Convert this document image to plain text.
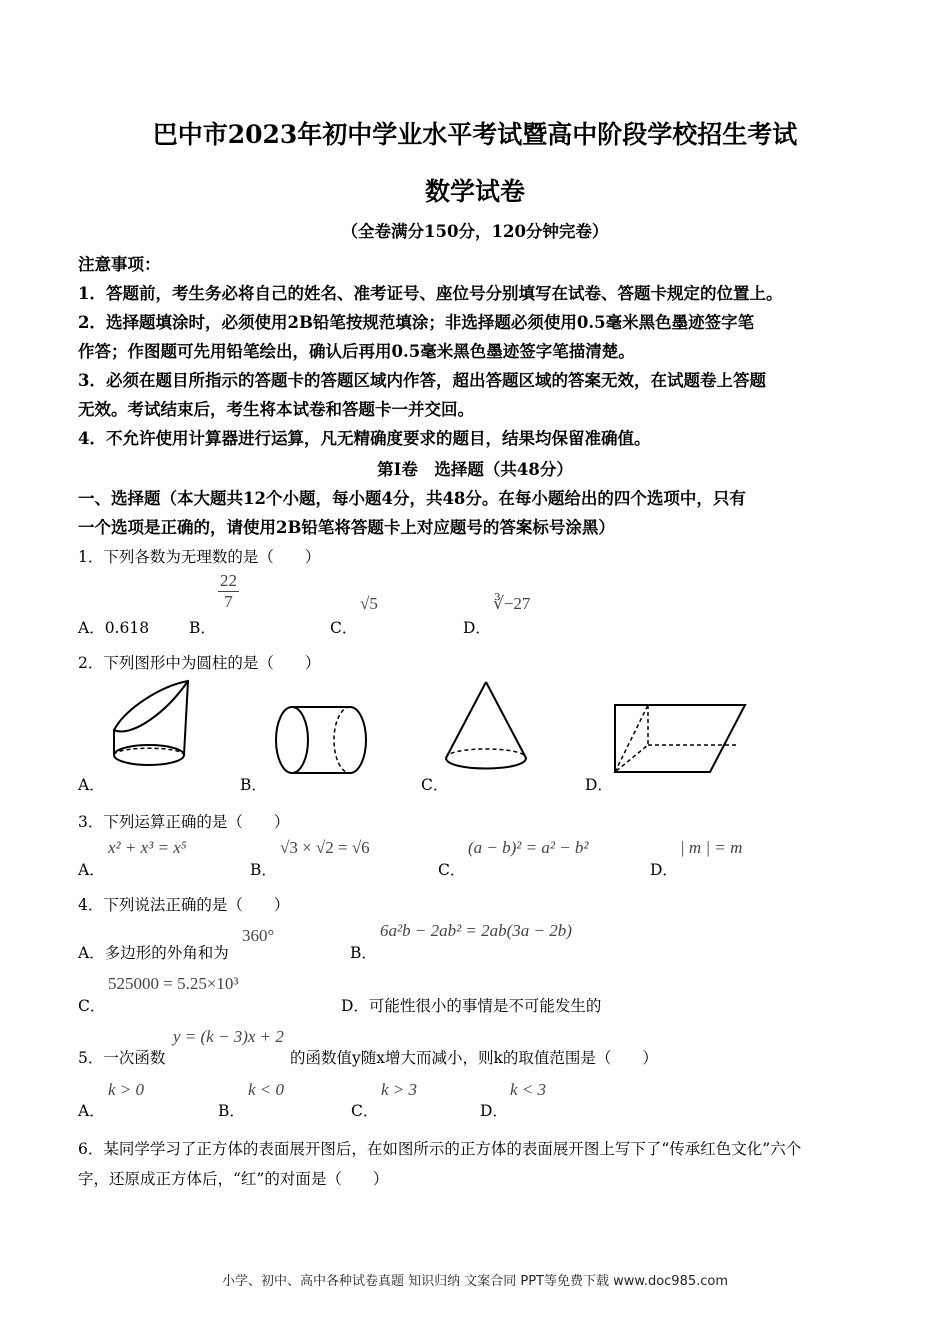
巴中市2023年初中学业水平考试暨高中阶段学校招生考试
数学试卷
（全卷满分150分，120分钟完卷）
注意事项：
1．答题前，考生务必将自己的姓名、准考证号、座位号分别填写在试卷、答题卡规定的位置上。
2．选择题填涂时，必须使用2B铅笔按规范填涂；非选择题必须使用0.5毫米黑色墨迹签字笔
作答；作图题可先用铅笔绘出，确认后再用0.5毫米黑色墨迹签字笔描清楚。
3．必须在题目所指示的答题卡的答题区域内作答，超出答题区域的答案无效，在试题卷上答题
无效。考试结束后，考生将本试卷和答题卡一并交回。
4．不允许使用计算器进行运算，凡无精确度要求的题目，结果均保留准确值。
第Ⅰ卷　选择题（共48分）
一、选择题（本大题共12个小题，每小题4分，共48分。在每小题给出的四个选项中，只有
一个选项是正确的，请使用2B铅笔将答题卡上对应题号的答案标号涂黑）
1．下列各数为无理数的是（　　）
A．0.618	B．
$\frac{22}{7}$
C．
√5
D．
∛−27
2．下列图形中为圆柱的是（　　）
A．	B．	C．	D．
3．下列运算正确的是（　　）
A．
x² + x³ = x⁵
B．
√3 × √2 = √6
C．
(a − b)² = a² − b²
D．
| m | = m
4．下列说法正确的是（　　）
A．多边形的外角和为
360°
B．
6a²b − 2ab² = 2ab(3a − 2b)
C．
525000 = 5.25×10³
D．可能性很小的事情是不可能发生的
5．一次函数
y = (k − 3)x + 2
的函数值y随x增大而减小，则k的取值范围是（　　）
A．
k > 0
B．
k < 0
C．
k > 3
D．
k < 3
6．某同学学习了正方体的表面展开图后，在如图所示的正方体的表面展开图上写下了“传承红色文化”六个
字，还原成正方体后，“红”的对面是（　　）
小学、初中、高中各种试卷真题 知识归纳 文案合同 PPT等免费下载 www.doc985.com
